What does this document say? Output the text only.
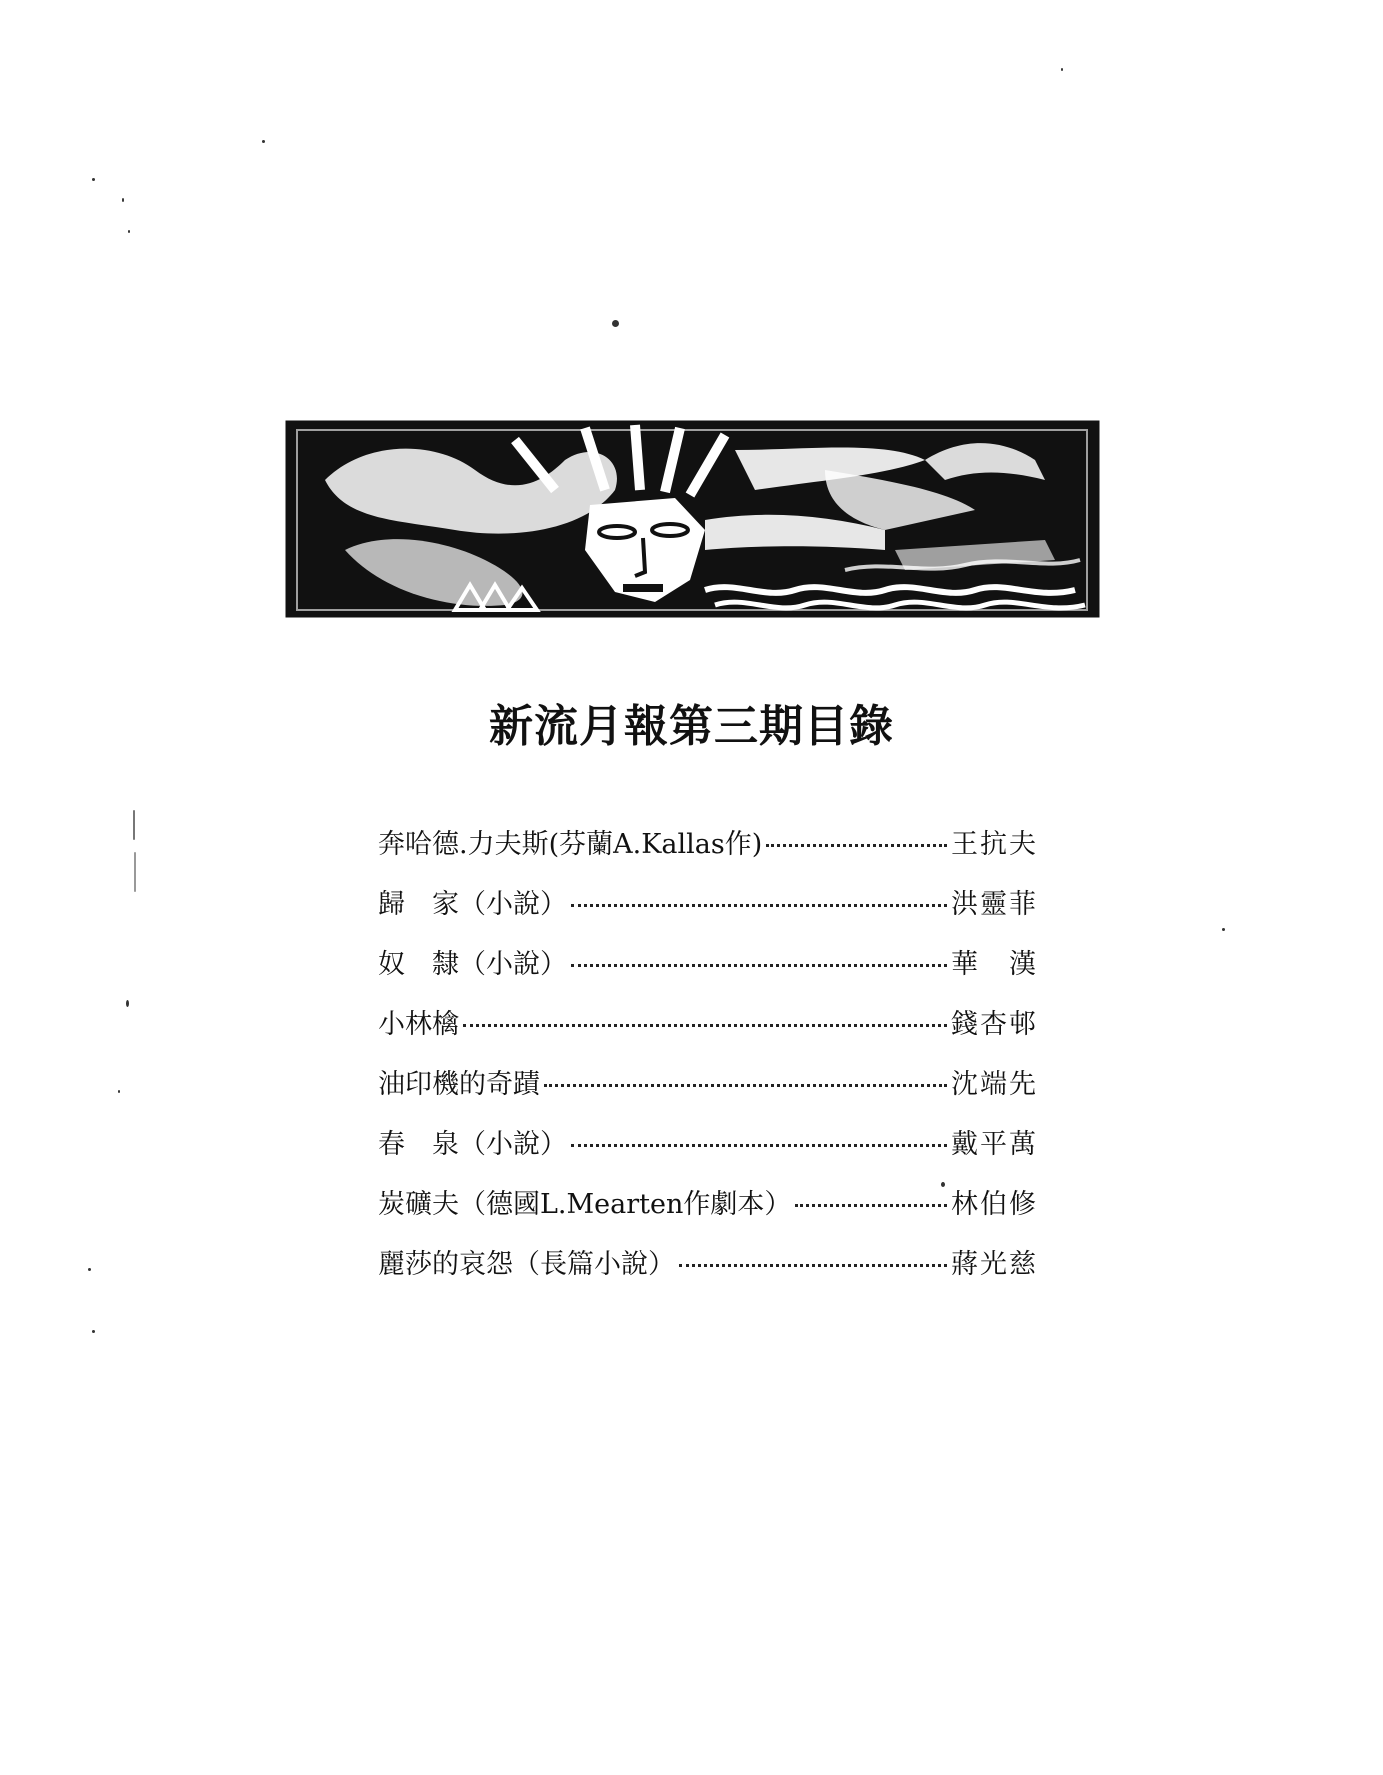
新流月報第三期目錄
奔哈德.力夫斯(芬蘭A.Kallas作)	王抗夫
歸　家（小說）	洪靈菲
奴　隸（小說）	華　漢
小林檎	錢杏邨
油印機的奇蹟	沈端先
春　泉（小說）	戴平萬
炭礦夫（德國L.Mearten作劇本）	林伯修
麗莎的哀怨（長篇小說）	蔣光慈
